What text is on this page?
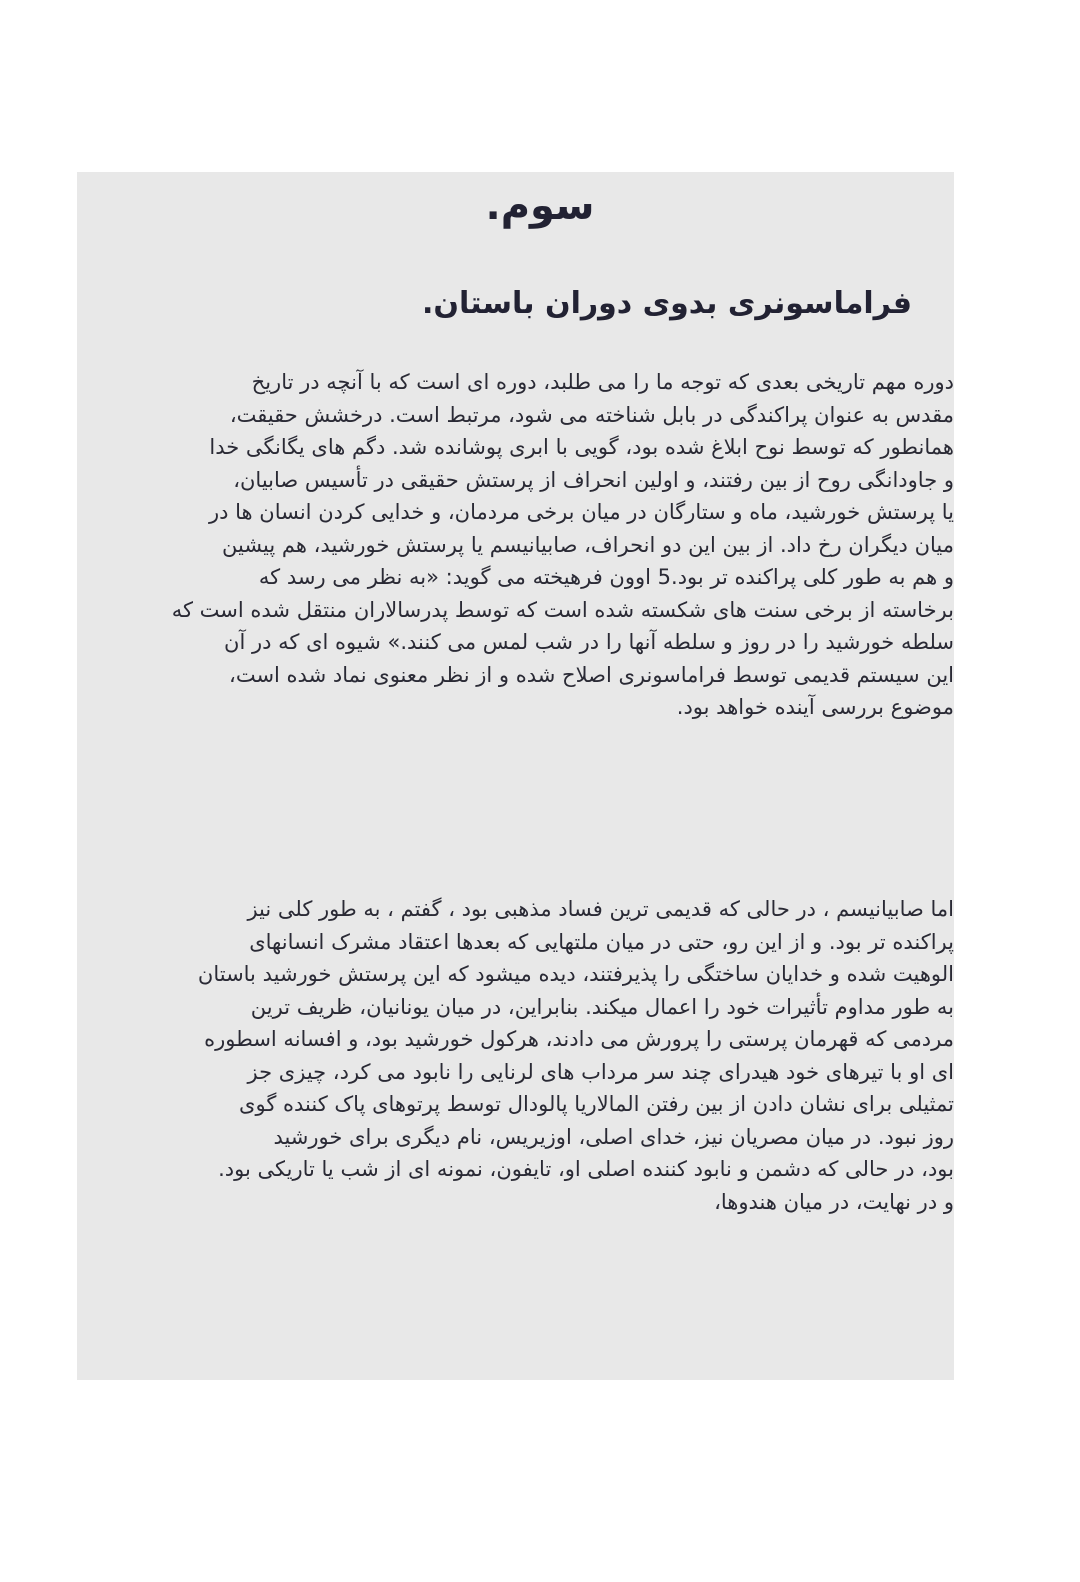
سوم.
فراماسونری بدوی دوران باستان.

دوره مهم تاریخی بعدی که توجه ما را می طلبد، دوره ای است که با آنچه در تاریخ
مقدس به عنوان پراکندگی در بابل شناخته می شود، مرتبط است. درخشش حقیقت،
همانطور که توسط نوح ابلاغ شده بود، گویی با ابری پوشانده شد. دگم های یگانگی خدا
و جاودانگی روح از بین رفتند، و اولین انحراف از پرستش حقیقی در تأسیس صابیان،
یا پرستش خورشید، ماه و ستارگان در میان برخی مردمان، و خدایی کردن انسان ها در
میان دیگران رخ داد. از بین این دو انحراف، صابیانیسم یا پرستش خورشید، هم پیشین
و هم به طور کلی پراکنده تر بود.5 اوون فرهیخته می گوید: «به نظر می رسد که
برخاسته از برخی سنت های شکسته شده است که توسط پدرسالاران منتقل شده است که
سلطه خورشید را در روز و سلطه آنها را در شب لمس می کنند.» شیوه ای که در آن
این سیستم قدیمی توسط فراماسونری اصلاح شده و از نظر معنوی نماد شده است،
موضوع بررسی آینده خواهد بود.

اما صابیانیسم ، در حالی که قدیمی ترین فساد مذهبی بود ، گفتم ، به طور کلی نیز
پراکنده تر بود. و از این رو، حتی در میان ملتهایی که بعدها اعتقاد مشرک انسانهای
الوهیت شده و خدایان ساختگی را پذیرفتند، دیده میشود که این پرستش خورشید باستان
به طور مداوم تأثیرات خود را اعمال میکند. بنابراین، در میان یونانیان، ظریف ترین
مردمی که قهرمان پرستی را پرورش می دادند، هرکول خورشید بود، و افسانه اسطوره
ای او با تیرهای خود هیدرای چند سر مرداب های لرنایی را نابود می کرد، چیزی جز
تمثیلی برای نشان دادن از بین رفتن المالاریا پالودال توسط پرتوهای پاک کننده گوی
روز نبود. در میان مصریان نیز، خدای اصلی، اوزیریس، نام دیگری برای خورشید
بود، در حالی که دشمن و نابود کننده اصلی او، تایفون، نمونه ای از شب یا تاریکی بود.
و در نهایت، در میان هندوها،
